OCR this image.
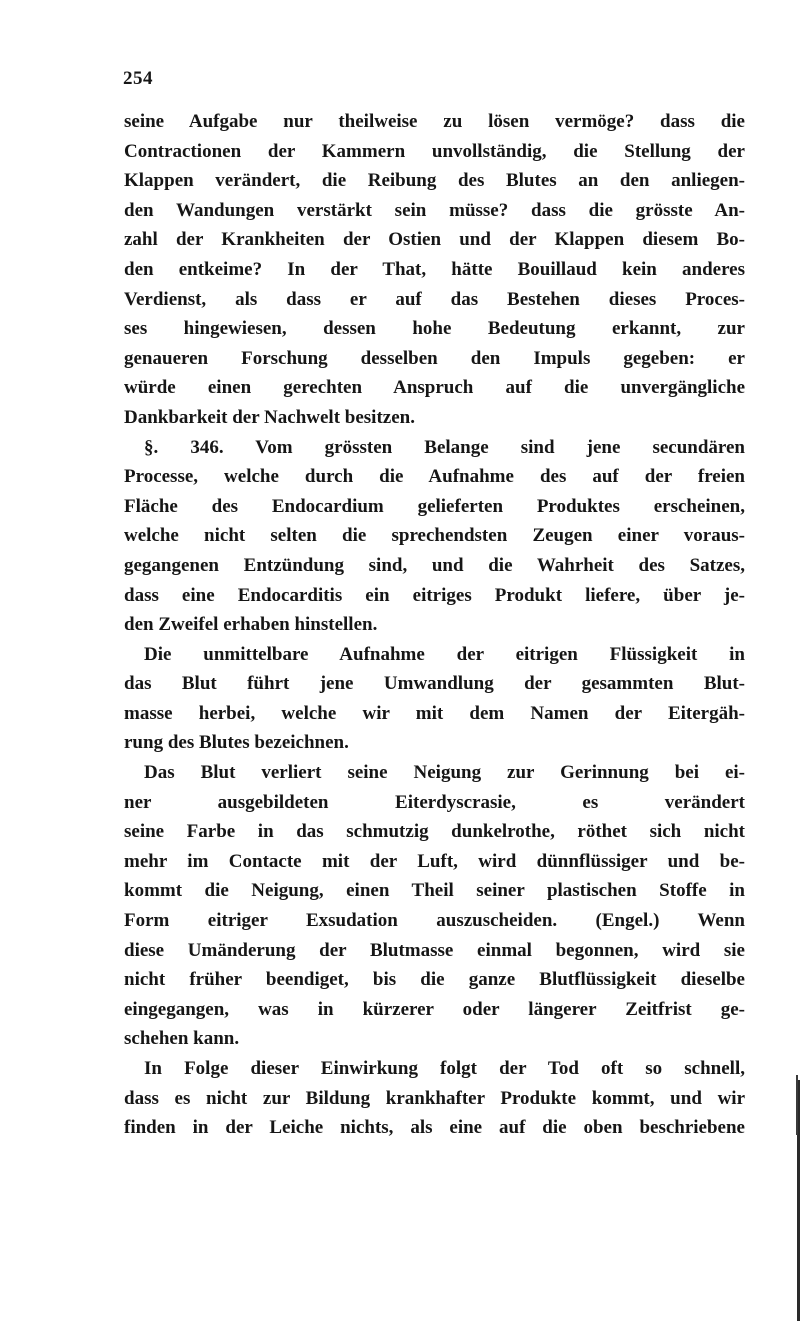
254
seine Aufgabe nur theilweise zu lösen vermöge? dass die
Contractionen der Kammern unvollständig, die Stellung der
Klappen verändert, die Reibung des Blutes an den anliegen-
den Wandungen verstärkt sein müsse? dass die grösste An-
zahl der Krankheiten der Ostien und der Klappen diesem Bo-
den entkeime? In der That, hätte Bouillaud kein anderes
Verdienst, als dass er auf das Bestehen dieses Proces-
ses hingewiesen, dessen hohe Bedeutung erkannt, zur
genaueren Forschung desselben den Impuls gegeben: er
würde einen gerechten Anspruch auf die unvergängliche
Dankbarkeit der Nachwelt besitzen.
§. 346. Vom grössten Belange sind jene secundären
Processe, welche durch die Aufnahme des auf der freien
Fläche des Endocardium gelieferten Produktes erscheinen,
welche nicht selten die sprechendsten Zeugen einer voraus-
gegangenen Entzündung sind, und die Wahrheit des Satzes,
dass eine Endocarditis ein eitriges Produkt liefere, über je-
den Zweifel erhaben hinstellen.
Die unmittelbare Aufnahme der eitrigen Flüssigkeit in
das Blut führt jene Umwandlung der gesammten Blut-
masse herbei, welche wir mit dem Namen der Eitergäh-
rung des Blutes bezeichnen.
Das Blut verliert seine Neigung zur Gerinnung bei ei-
ner ausgebildeten Eiterdyscrasie, es verändert
seine Farbe in das schmutzig dunkelrothe, röthet sich nicht
mehr im Contacte mit der Luft, wird dünnflüssiger und be-
kommt die Neigung, einen Theil seiner plastischen Stoffe in
Form eitriger Exsudation auszuscheiden. (Engel.) Wenn
diese Umänderung der Blutmasse einmal begonnen, wird sie
nicht früher beendiget, bis die ganze Blutflüssigkeit dieselbe
eingegangen, was in kürzerer oder längerer Zeitfrist ge-
schehen kann.
In Folge dieser Einwirkung folgt der Tod oft so schnell,
dass es nicht zur Bildung krankhafter Produkte kommt, und wir
finden in der Leiche nichts, als eine auf die oben beschriebene
